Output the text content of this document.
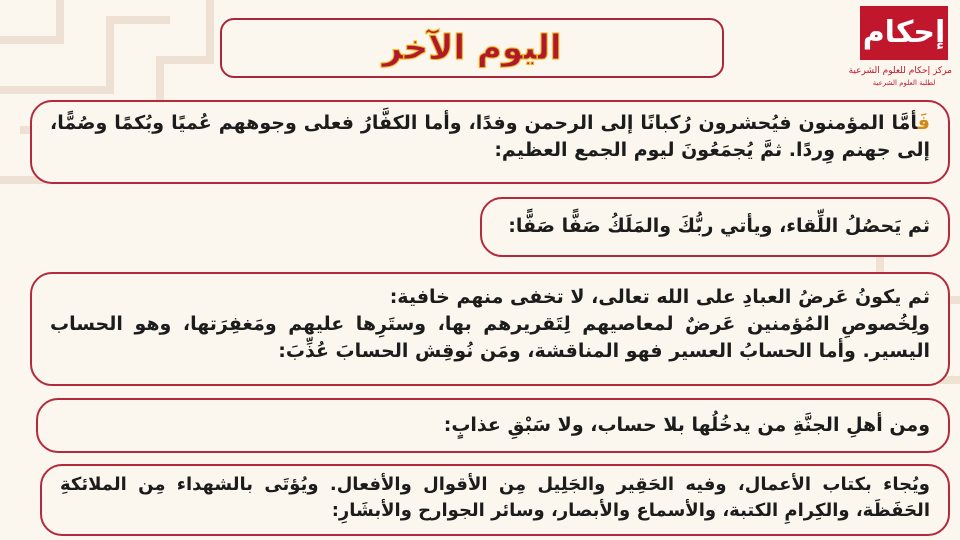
اليوم الآخر	إحكام
مركز إحكام للعلوم الشرعية
لطلبة العلوم الشرعية

فَأمَّا المؤمنون فيُحشرون رُكبانًا إلى الرحمن وفدًا، وأما الكفَّارُ فعلى وجوههم عُميًا وبُكمًا وصُمًّا، إلى جهنم وِردًا. ثمَّ يُجمَعُونَ ليوم الجمع العظيم:

ثم يَحصُلُ اللِّقاء، ويأتي ربُّكَ والمَلَكُ صَفًّا صَفًّا:

ثم يكونُ عَرضُ العبادِ على الله تعالى، لا تخفى منهم خافية:

ولِخُصوصِ المُؤمنين عَرضٌ لمعاصيهم لِتَقريرهم بها، وستَرِها عليهم ومَغفِرَتها، وهو الحساب اليسير. وأما الحسابُ العسير فهو المناقشة، ومَن نُوقِش الحسابَ عُذِّبَ:

ومن أهلِ الجنَّةِ من يدخُلُها بلا حساب، ولا سَبْقِ عذابٍ:

ويُجاء بكتاب الأعمال، وفيه الحَقِير والجَلِيل مِن الأقوال والأفعال. ويُؤتَى بالشهداء مِن الملائكةِ الحَفَظَة، والكِرامِ الكتبة، والأسماع والأبصار، وسائر الجوارح والأبشَارِ:
